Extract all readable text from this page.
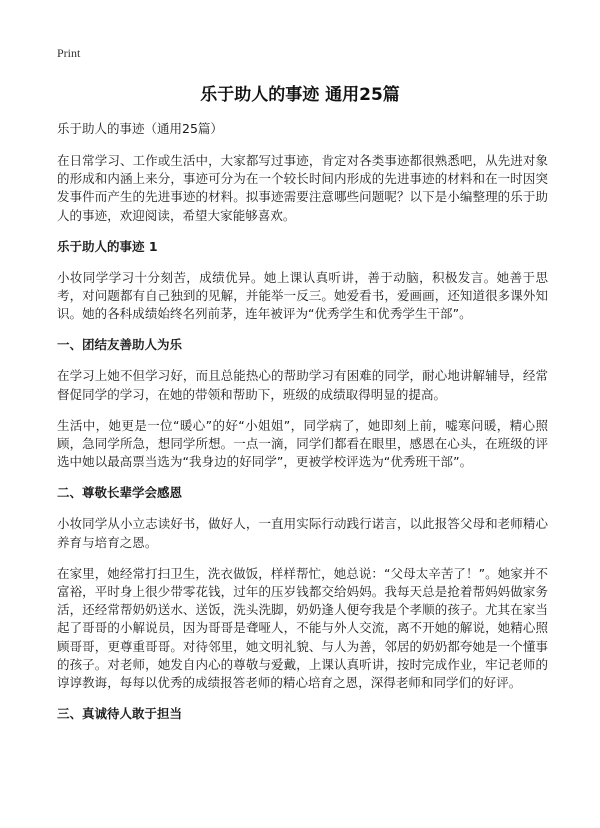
Print
乐于助人的事迹 通用25篇

乐于助人的事迹（通用25篇）

在日常学习、工作或生活中，大家都写过事迹，肯定对各类事迹都很熟悉吧，从先进对象的形成和内涵上来分，事迹可分为在一个较长时间内形成的先进事迹的材料和在一时因突发事件而产生的先进事迹的材料。拟事迹需要注意哪些问题呢？以下是小编整理的乐于助人的事迹，欢迎阅读，希望大家能够喜欢。

乐于助人的事迹 1

小妆同学学习十分刻苦，成绩优异。她上课认真听讲，善于动脑，积极发言。她善于思考，对问题都有自己独到的见解，并能举一反三。她爱看书，爱画画，还知道很多课外知识。她的各科成绩始终名列前茅，连年被评为“优秀学生和优秀学生干部”。

一、团结友善助人为乐

在学习上她不但学习好，而且总能热心的帮助学习有困难的同学，耐心地讲解辅导，经常督促同学的学习，在她的带领和帮助下，班级的成绩取得明显的提高。

生活中，她更是一位“暖心”的好“小姐姐”，同学病了，她即刻上前，嘘寒问暖，精心照顾，急同学所急，想同学所想。一点一滴，同学们都看在眼里，感恩在心头，在班级的评选中她以最高票当选为“我身边的好同学”，更被学校评选为“优秀班干部”。

二、尊敬长辈学会感恩

小妆同学从小立志读好书，做好人，一直用实际行动践行诺言，以此报答父母和老师精心养育与培育之恩。

在家里，她经常打扫卫生，洗衣做饭，样样帮忙，她总说：“父母太辛苦了！”。她家并不富裕，平时身上很少带零花钱，过年的压岁钱都交给妈妈。我每天总是抢着帮妈妈做家务活，还经常帮奶奶送水、送饭，洗头洗脚，奶奶逢人便夸我是个孝顺的孩子。尤其在家当起了哥哥的小解说员，因为哥哥是聋哑人，不能与外人交流，离不开她的解说，她精心照顾哥哥，更尊重哥哥。对待邻里，她文明礼貌、与人为善，邻居的奶奶都夸她是一个懂事的孩子。对老师，她发自内心的尊敬与爱戴，上课认真听讲，按时完成作业，牢记老师的谆谆教诲，每每以优秀的成绩报答老师的精心培育之恩，深得老师和同学们的好评。

三、真诚待人敢于担当
